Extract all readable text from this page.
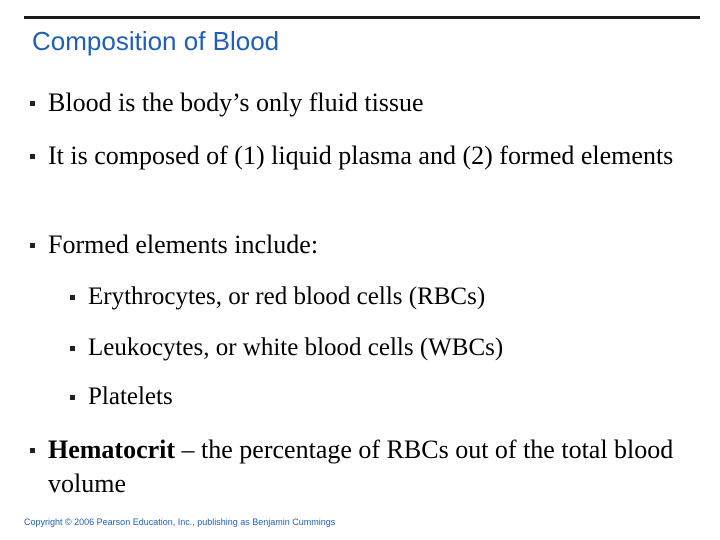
Composition of Blood
Blood is the body’s only fluid tissue
It is composed of (1) liquid plasma and (2) formed elements
Formed elements include:
Erythrocytes, or red blood cells (RBCs)
Leukocytes, or white blood cells (WBCs)
Platelets
Hematocrit – the percentage of RBCs out of the total blood volume
Copyright © 2006 Pearson Education, Inc., publishing as Benjamin Cummings
